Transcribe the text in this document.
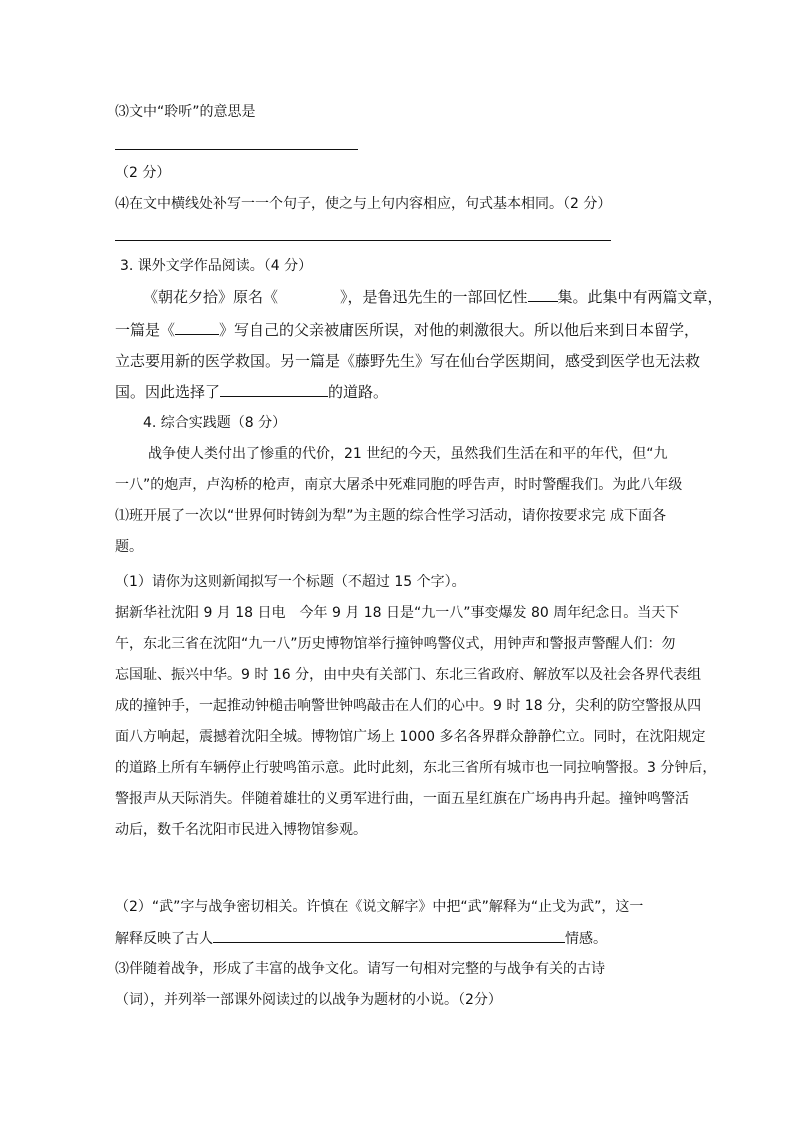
⑶文中“聆听”的意思是
（2 分）
⑷在文中横线处补写一一个句子，使之与上句内容相应，句式基本相同。（2 分）
3. 课外文学作品阅读。（4 分）
《朝花夕拾》原名《	》，是鲁迅先生的一部回忆性 集。此集中有两篇文章，
一篇是《	》写自己的父亲被庸医所误，对他的刺激很大。所以他后来到日本留学，
立志要用新的医学救国。另一篇是《藤野先生》写在仙台学医期间，感受到医学也无法救
国。因此选择了	的道路。
4. 综合实践题（8 分）
战争使人类付出了惨重的代价，21 世纪的今天，虽然我们生活在和平的年代，但“九
一八”的炮声，卢沟桥的枪声，南京大屠杀中死难同胞的呼告声，时时警醒我们。为此八年级
⑴班开展了一次以“世界何时铸剑为犁”为主题的综合性学习活动，请你按要求完 成下面各
题。
（1）请你为这则新闻拟写一个标题（不超过 15 个字）。
据新华社沈阳 9 月 18 日电　今年 9 月 18 日是“九一八”事变爆发 80 周年纪念日。当天下
午，东北三省在沈阳“九一八”历史博物馆举行撞钟鸣警仪式，用钟声和警报声警醒人们：勿
忘国耻、振兴中华。9 时 16 分，由中央有关部门、东北三省政府、解放军以及社会各界代表组
成的撞钟手，一起推动钟槌击响警世钟鸣敲击在人们的心中。9 时 18 分，尖利的防空警报从四
面八方响起，震撼着沈阳全城。博物馆广场上 1000 多名各界群众静静伫立。同时，在沈阳规定
的道路上所有车辆停止行驶鸣笛示意。此时此刻，东北三省所有城市也一同拉响警报。3 分钟后，
警报声从天际消失。伴随着雄壮的义勇军进行曲，一面五星红旗在广场冉冉升起。撞钟鸣警活
动后，数千名沈阳市民进入博物馆参观。
（2）“武”字与战争密切相关。许慎在《说文解字》中把“武”解释为“止戈为武”，这一
解释反映了古人	情感。
⑶伴随着战争，形成了丰富的战争文化。请写一句相对完整的与战争有关的古诗
（词），并列举一部课外阅读过的以战争为题材的小说。（2分）
